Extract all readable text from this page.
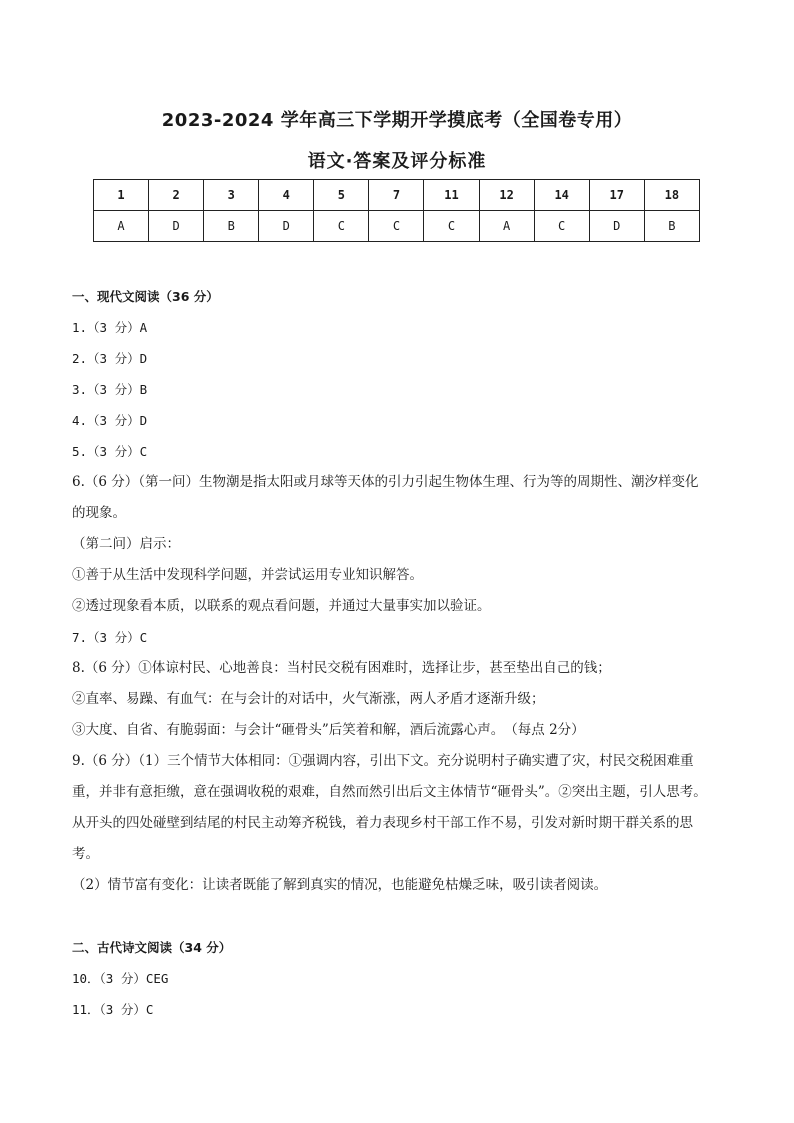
2023-2024 学年高三下学期开学摸底考（全国卷专用）
语文·答案及评分标准
1	2	3	4	5	7	11	12	14	17	18
A	D	B	D	C	C	C	A	C	D	B
一、现代文阅读（36 分）
1.（3 分）A
2.（3 分）D
3.（3 分）B
4.（3 分）D
5.（3 分）C
6.（6 分）（第一问）生物潮是指太阳或月球等天体的引力引起生物体生理、行为等的周期性、潮汐样变化
的现象。
（第二问）启示：
①善于从生活中发现科学问题，并尝试运用专业知识解答。
②透过现象看本质，以联系的观点看问题，并通过大量事实加以验证。
7.（3 分）C
8.（6 分）①体谅村民、心地善良：当村民交税有困难时，选择让步，甚至垫出自己的钱；
②直率、易躁、有血气：在与会计的对话中，火气渐涨，两人矛盾才逐渐升级；
③大度、自省、有脆弱面：与会计“砸骨头”后笑着和解，酒后流露心声。　（每点 2分）
9.（6 分）（1）三个情节大体相同：①强调内容，引出下文。充分说明村子确实遭了灾，村民交税困难重
重，并非有意拒缴，意在强调收税的艰难，自然而然引出后文主体情节“砸骨头”。②突出主题，引人思考。
从开头的四处碰壁到结尾的村民主动筹齐税钱，着力表现乡村干部工作不易，引发对新时期干群关系的思
考。
（2）情节富有变化：让读者既能了解到真实的情况，也能避免枯燥乏味，吸引读者阅读。
二、古代诗文阅读（34 分）
10．（3 分）CEG
11．（3 分）C
